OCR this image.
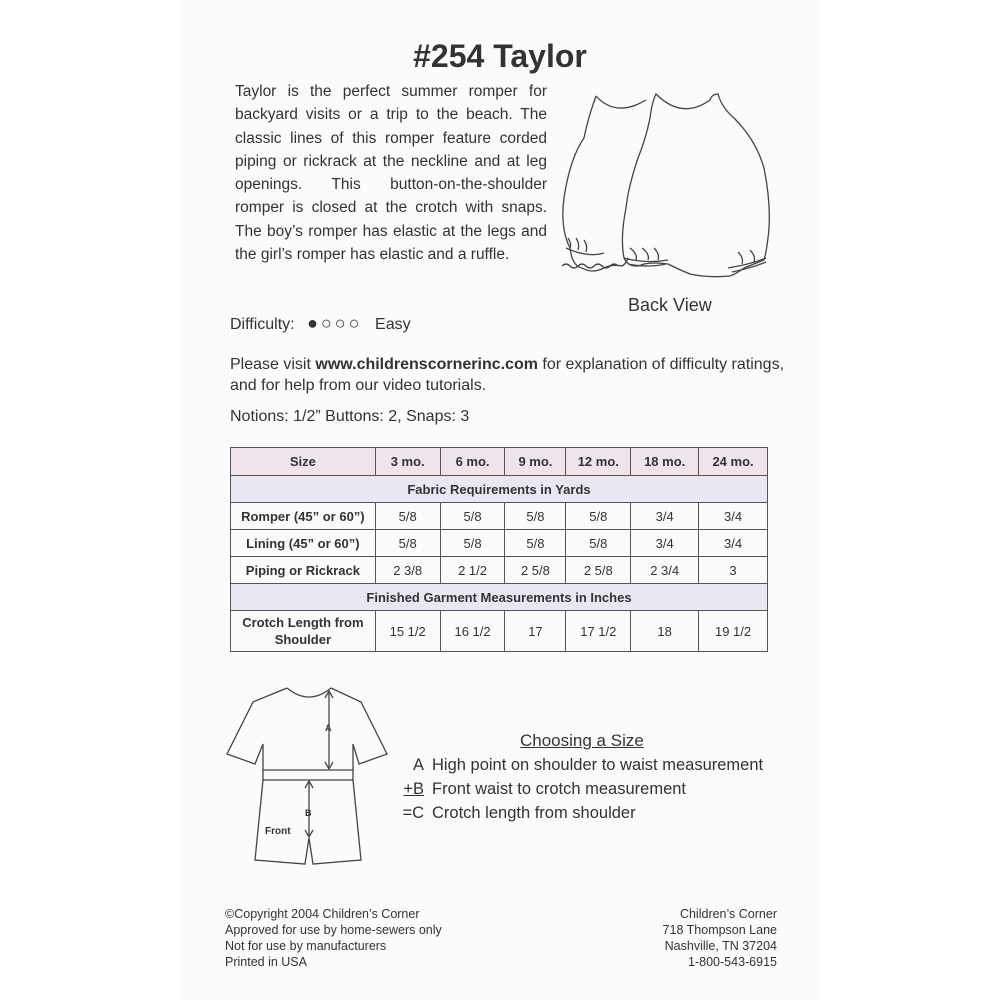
#254 Taylor
Taylor is the perfect summer romper for backyard visits or a trip to the beach. The classic lines of this romper feature corded piping or rickrack at the neckline and at leg openings. This button-on-the-shoulder romper is closed at the crotch with snaps. The boy’s romper has elastic at the legs and the girl’s romper has elastic and a ruffle.
Back View
Difficulty: ●○○○ Easy
Please visit www.childrenscornerinc.com for explanation of difficulty ratings, and for help from our video tutorials.
Notions: 1/2” Buttons: 2, Snaps: 3
Size	3 mo.	6 mo.	9 mo.	12 mo.	18 mo.	24 mo.
Fabric Requirements in Yards						
Romper (45” or 60”)	5/8	5/8	5/8	5/8	3/4	3/4
Lining (45” or 60”)	5/8	5/8	5/8	5/8	3/4	3/4
Piping or Rickrack	2 3/8	2 1/2	2 5/8	2 5/8	2 3/4	3
Finished Garment Measurements in Inches						
Crotch Length from
Shoulder	15 1/2	16 1/2	17	17 1/2	18	19 1/2
A
B
Front
Choosing a Size
A High point on shoulder to waist measurement
+B Front waist to crotch measurement
=C Crotch length from shoulder
©Copyright 2004 Children’s Corner
Approved for use by home-sewers only
Not for use by manufacturers
Printed in USA
Children’s Corner
718 Thompson Lane
Nashville, TN 37204
1-800-543-6915
